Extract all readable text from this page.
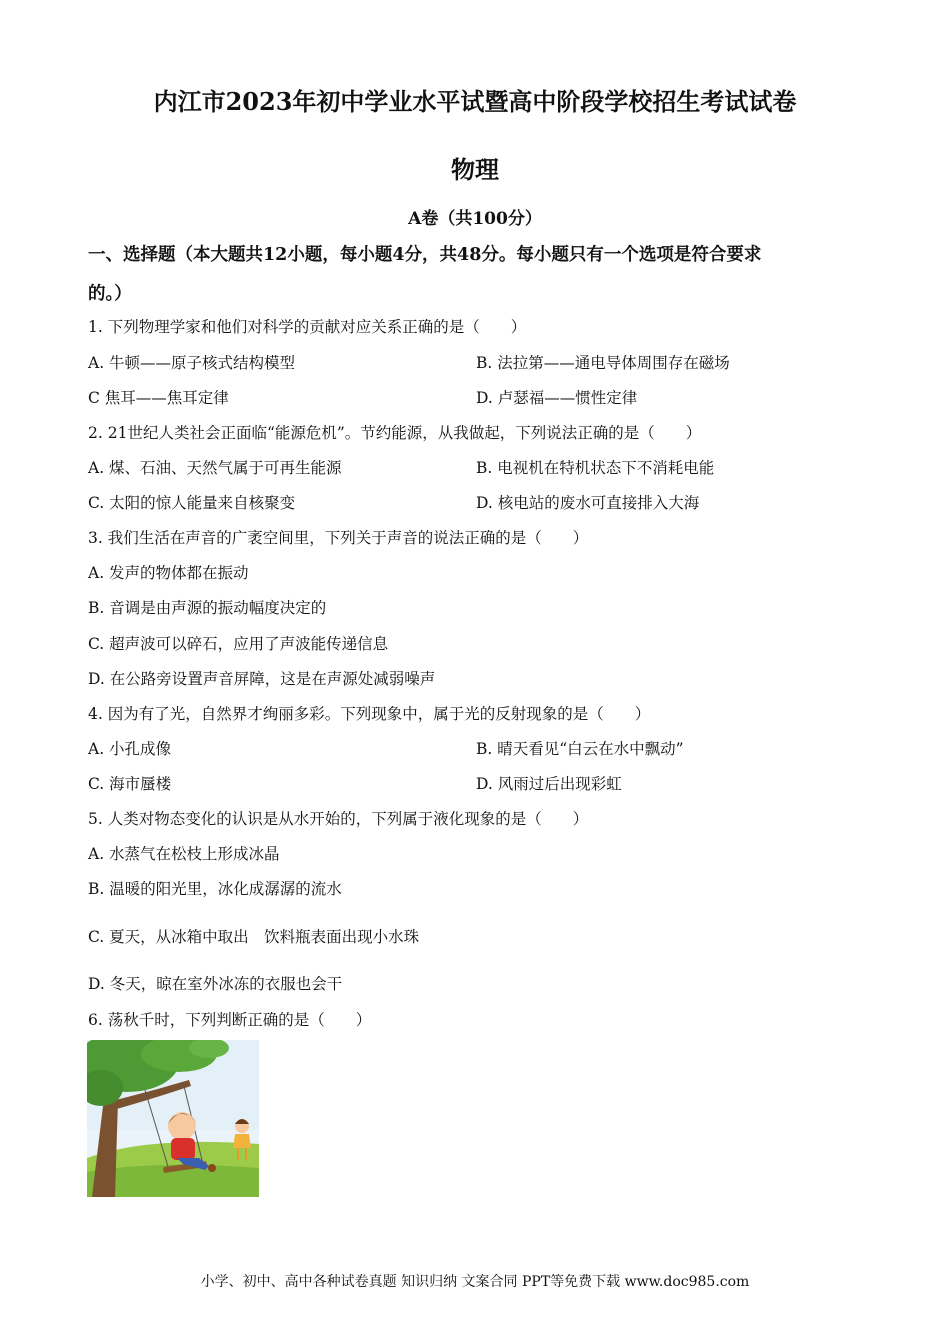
内江市2023年初中学业水平试暨高中阶段学校招生考试试卷
物理
A卷（共100分）
一、选择题（本大题共12小题，每小题4分，共48分。每小题只有一个选项是符合要求
的。）
1. 下列物理学家和他们对科学的贡献对应关系正确的是（　　）
A. 牛顿——原子核式结构模型	B. 法拉第——通电导体周围存在磁场
C 焦耳——焦耳定律	D. 卢瑟福——惯性定律
2. 21世纪人类社会正面临“能源危机”。节约能源，从我做起，下列说法正确的是（　　）
A. 煤、石油、天然气属于可再生能源	B. 电视机在特机状态下不消耗电能
C. 太阳的惊人能量来自核聚变	D. 核电站的废水可直接排入大海
3. 我们生活在声音的广袤空间里，下列关于声音的说法正确的是（　　）
A. 发声的物体都在振动
B. 音调是由声源的振动幅度决定的
C. 超声波可以碎石，应用了声波能传递信息
D. 在公路旁设置声音屏障，这是在声源处减弱噪声
4. 因为有了光，自然界才绚丽多彩。下列现象中，属于光的反射现象的是（　　）
A. 小孔成像	B. 晴天看见“白云在水中飘动”
C. 海市蜃楼	D. 风雨过后出现彩虹
5. 人类对物态变化的认识是从水开始的，下列属于液化现象的是（　　）
A. 水蒸气在松枝上形成冰晶
B. 温暖的阳光里，冰化成潺潺的流水
C. 夏天，从冰箱中取出　饮料瓶表面出现小水珠
D. 冬天，晾在室外冰冻的衣服也会干
6. 荡秋千时，下列判断正确的是（　　）
小学、初中、高中各种试卷真题 知识归纳 文案合同 PPT等免费下载 www.doc985.com
